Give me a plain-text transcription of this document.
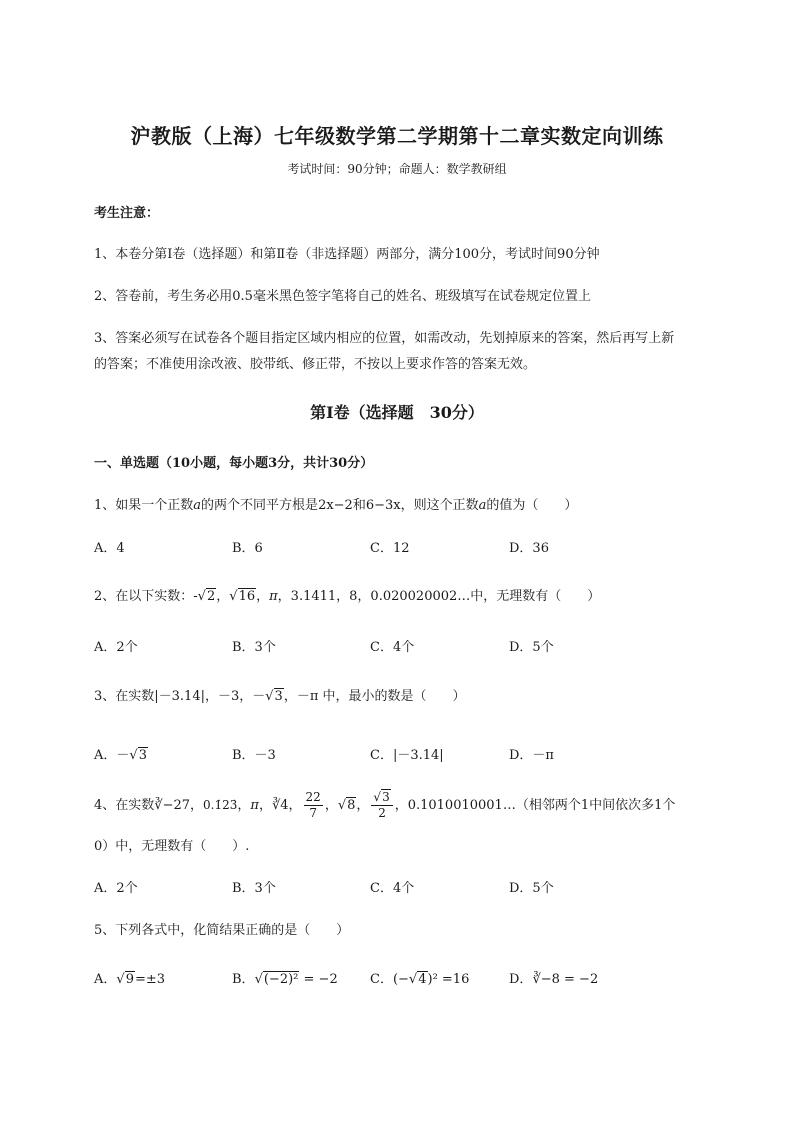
沪教版（上海）七年级数学第二学期第十二章实数定向训练
考试时间：90分钟；命题人：数学教研组
考生注意：
1、本卷分第Ⅰ卷（选择题）和第Ⅱ卷（非选择题）两部分，满分100分，考试时间90分钟
2、答卷前，考生务必用0.5毫米黑色签字笔将自己的姓名、班级填写在试卷规定位置上
3、答案必须写在试卷各个题目指定区域内相应的位置，如需改动，先划掉原来的答案，然后再写上新
的答案；不准使用涂改液、胶带纸、修正带，不按以上要求作答的答案无效。
第Ⅰ卷（选择题　30分）
一、单选题（10小题，每小题3分，共计30分）
1、如果一个正数a的两个不同平方根是2x−2和6−3x，则这个正数a的值为（　　）
A．4	B．6	C．12	D．36
2、在以下实数：-√2，√16，π，3.1411，8，0.020020002…中，无理数有（　　）
A．2个	B．3个	C．4个	D．5个
3、在实数|－3.14|，－3，－√3，－π 中，最小的数是（　　）
A．－√3	B．－3	C．|－3.14|	D．－π
4、在实数∛−27，0.1̇23̇，π，∛4， $\frac{22}{7}$ ，√8， $\frac{√3}{2}$ ，0.1010010001…（相邻两个1中间依次多1个
0）中，无理数有（　　）.
A．2个	B．3个	C．4个	D．5个
5、下列各式中，化简结果正确的是（　　）
A．√9=±3	B．√(−2)² = −2 C．(−√4)² =16	D．∛−8 = −2
